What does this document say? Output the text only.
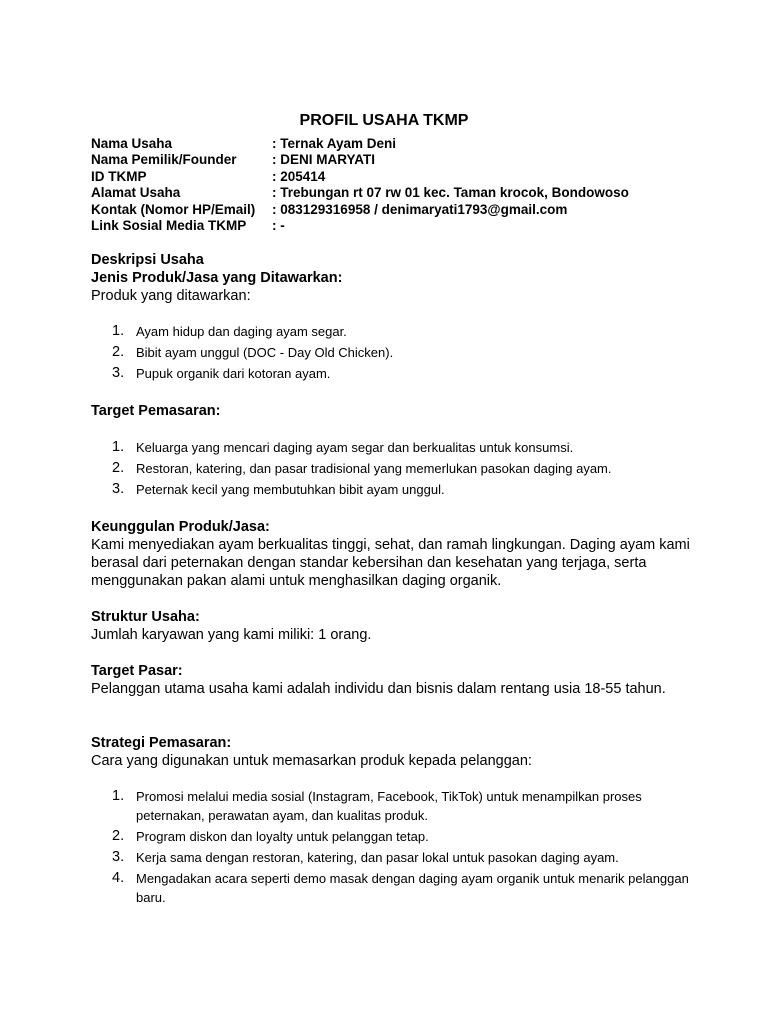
PROFIL USAHA TKMP
Nama Usaha	: Ternak Ayam Deni
Nama Pemilik/Founder	: DENI MARYATI
ID TKMP	: 205414
Alamat Usaha	: Trebungan rt 07 rw 01 kec. Taman krocok, Bondowoso
Kontak (Nomor HP/Email)	: 083129316958 / denimaryati1793@gmail.com
Link Sosial Media TKMP	: -
Deskripsi Usaha
Jenis Produk/Jasa yang Ditawarkan:
Produk yang ditawarkan:
1. Ayam hidup dan daging ayam segar.
2. Bibit ayam unggul (DOC - Day Old Chicken).
3. Pupuk organik dari kotoran ayam.
Target Pemasaran:
1. Keluarga yang mencari daging ayam segar dan berkualitas untuk konsumsi.
2. Restoran, katering, dan pasar tradisional yang memerlukan pasokan daging ayam.
3. Peternak kecil yang membutuhkan bibit ayam unggul.
Keunggulan Produk/Jasa:
Kami menyediakan ayam berkualitas tinggi, sehat, dan ramah lingkungan. Daging ayam kami berasal dari peternakan dengan standar kebersihan dan kesehatan yang terjaga, serta menggunakan pakan alami untuk menghasilkan daging organik.
Struktur Usaha:
Jumlah karyawan yang kami miliki: 1 orang.
Target Pasar:
Pelanggan utama usaha kami adalah individu dan bisnis dalam rentang usia 18-55 tahun.
Strategi Pemasaran:
Cara yang digunakan untuk memasarkan produk kepada pelanggan:
1. Promosi melalui media sosial (Instagram, Facebook, TikTok) untuk menampilkan proses peternakan, perawatan ayam, dan kualitas produk.
2. Program diskon dan loyalty untuk pelanggan tetap.
3. Kerja sama dengan restoran, katering, dan pasar lokal untuk pasokan daging ayam.
4. Mengadakan acara seperti demo masak dengan daging ayam organik untuk menarik pelanggan baru.
